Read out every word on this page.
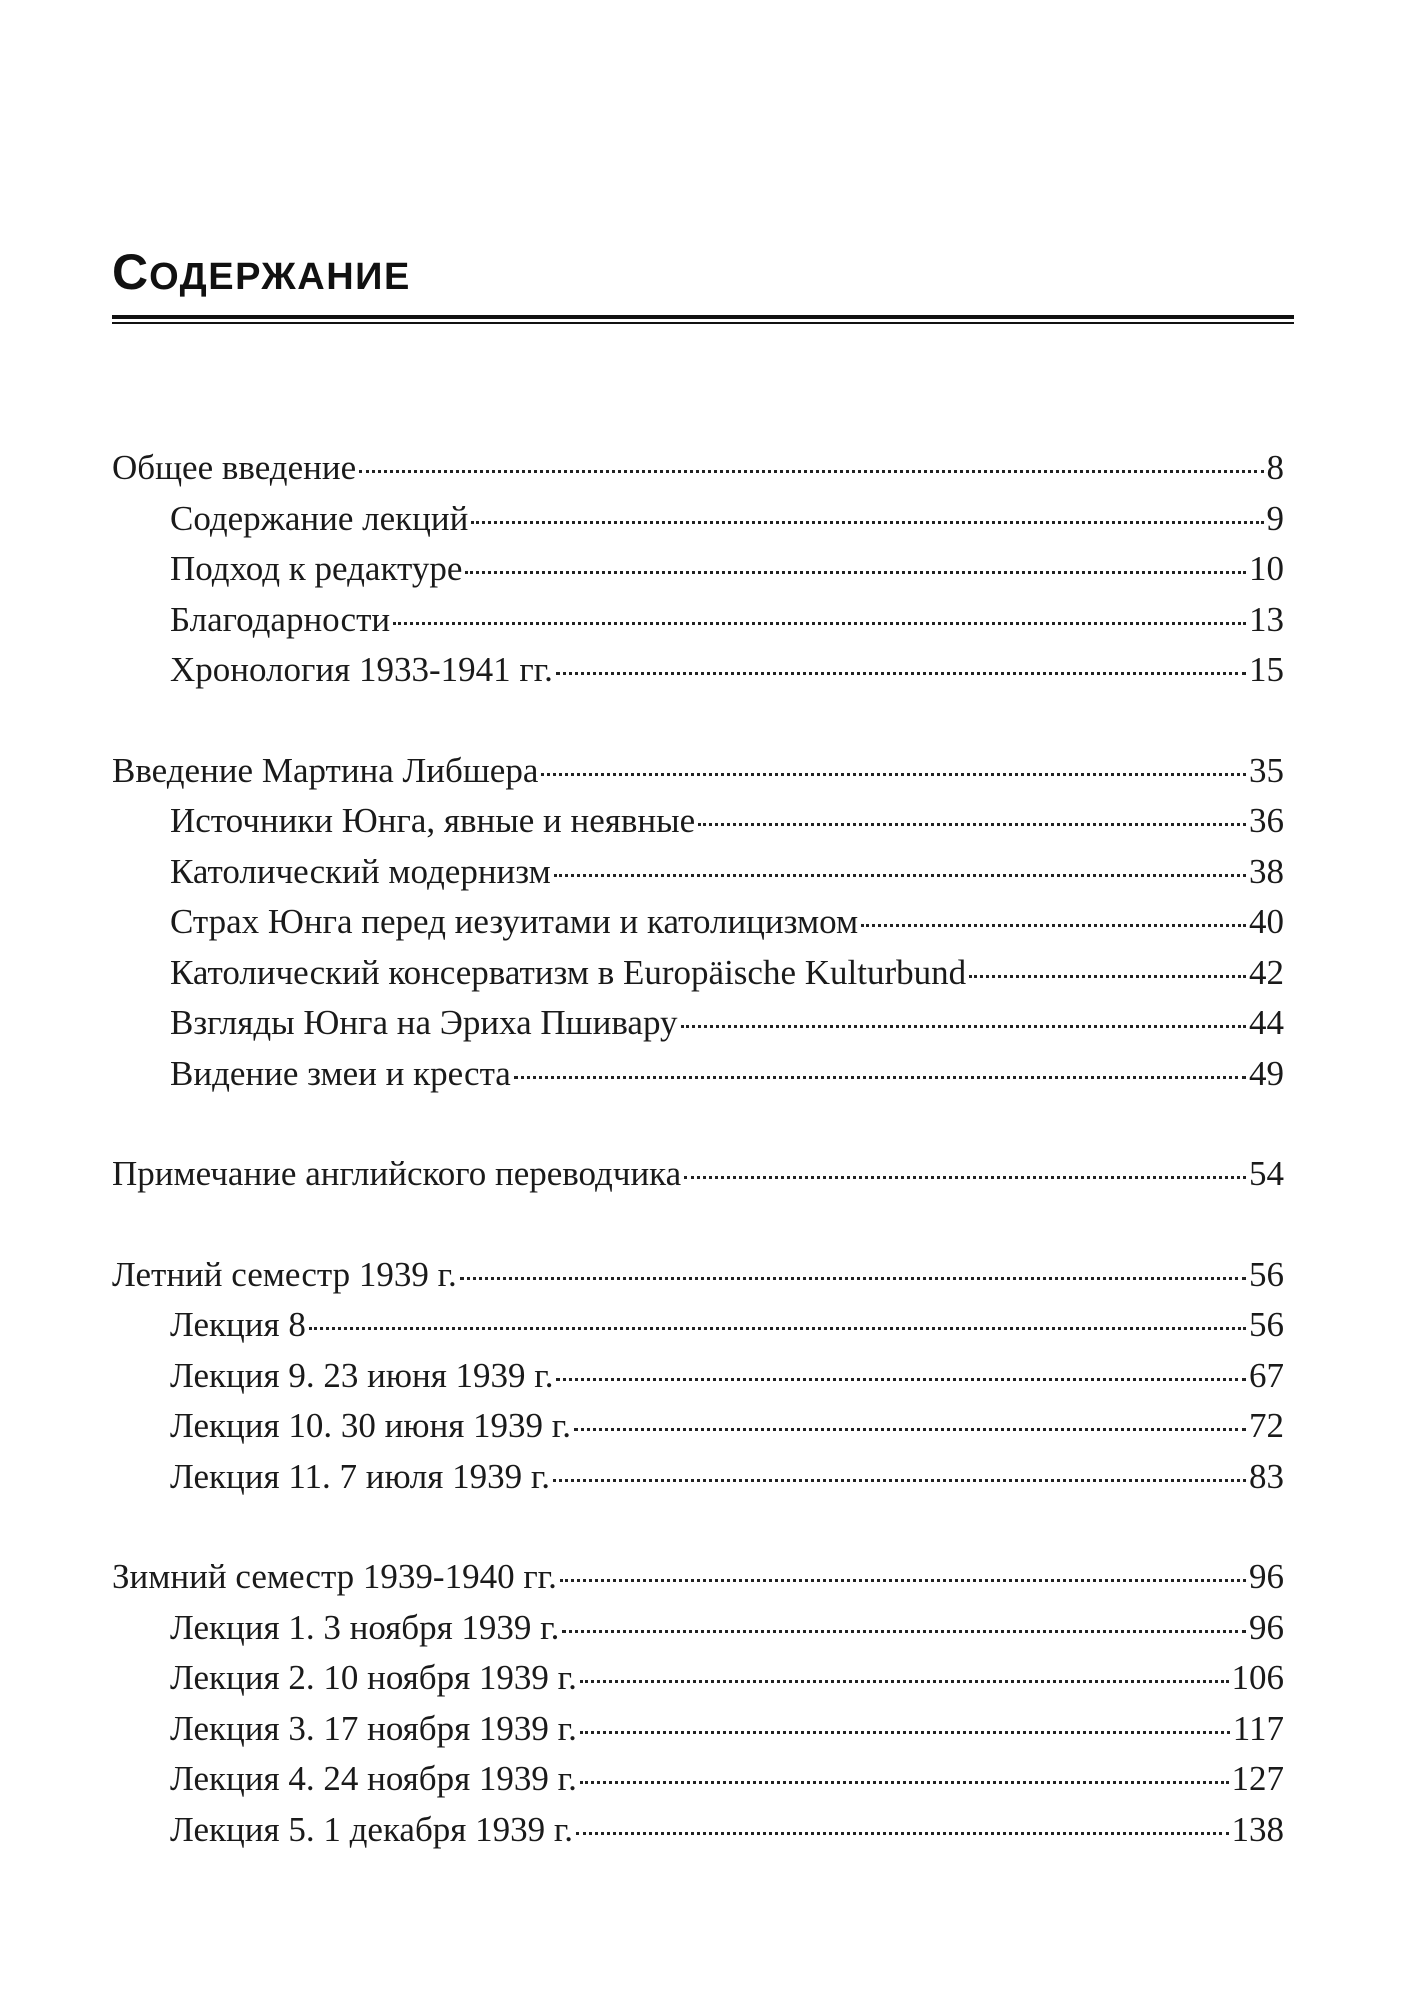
СОДЕРЖАНИЕ
Общее введение	8
Содержание лекций	9
Подход к редактуре	10
Благодарности	13
Хронология 1933-1941 гг.	15
Введение Мартина Либшера	35
Источники Юнга, явные и неявные	36
Католический модернизм	38
Страх Юнга перед иезуитами и католицизмом	40
Католический консерватизм в Europäische Kulturbund	42
Взгляды Юнга на Эриха Пшивару	44
Видение змеи и креста	49
Примечание английского переводчика	54
Летний семестр 1939 г.	56
Лекция 8	56
Лекция 9. 23 июня 1939 г.	67
Лекция 10. 30 июня 1939 г.	72
Лекция 11. 7 июля 1939 г.	83
Зимний семестр 1939-1940 гг.	96
Лекция 1. 3 ноября 1939 г.	96
Лекция 2. 10 ноября 1939 г.	106
Лекция 3. 17 ноября 1939 г.	117
Лекция 4. 24 ноября 1939 г.	127
Лекция 5. 1 декабря 1939 г.	138
